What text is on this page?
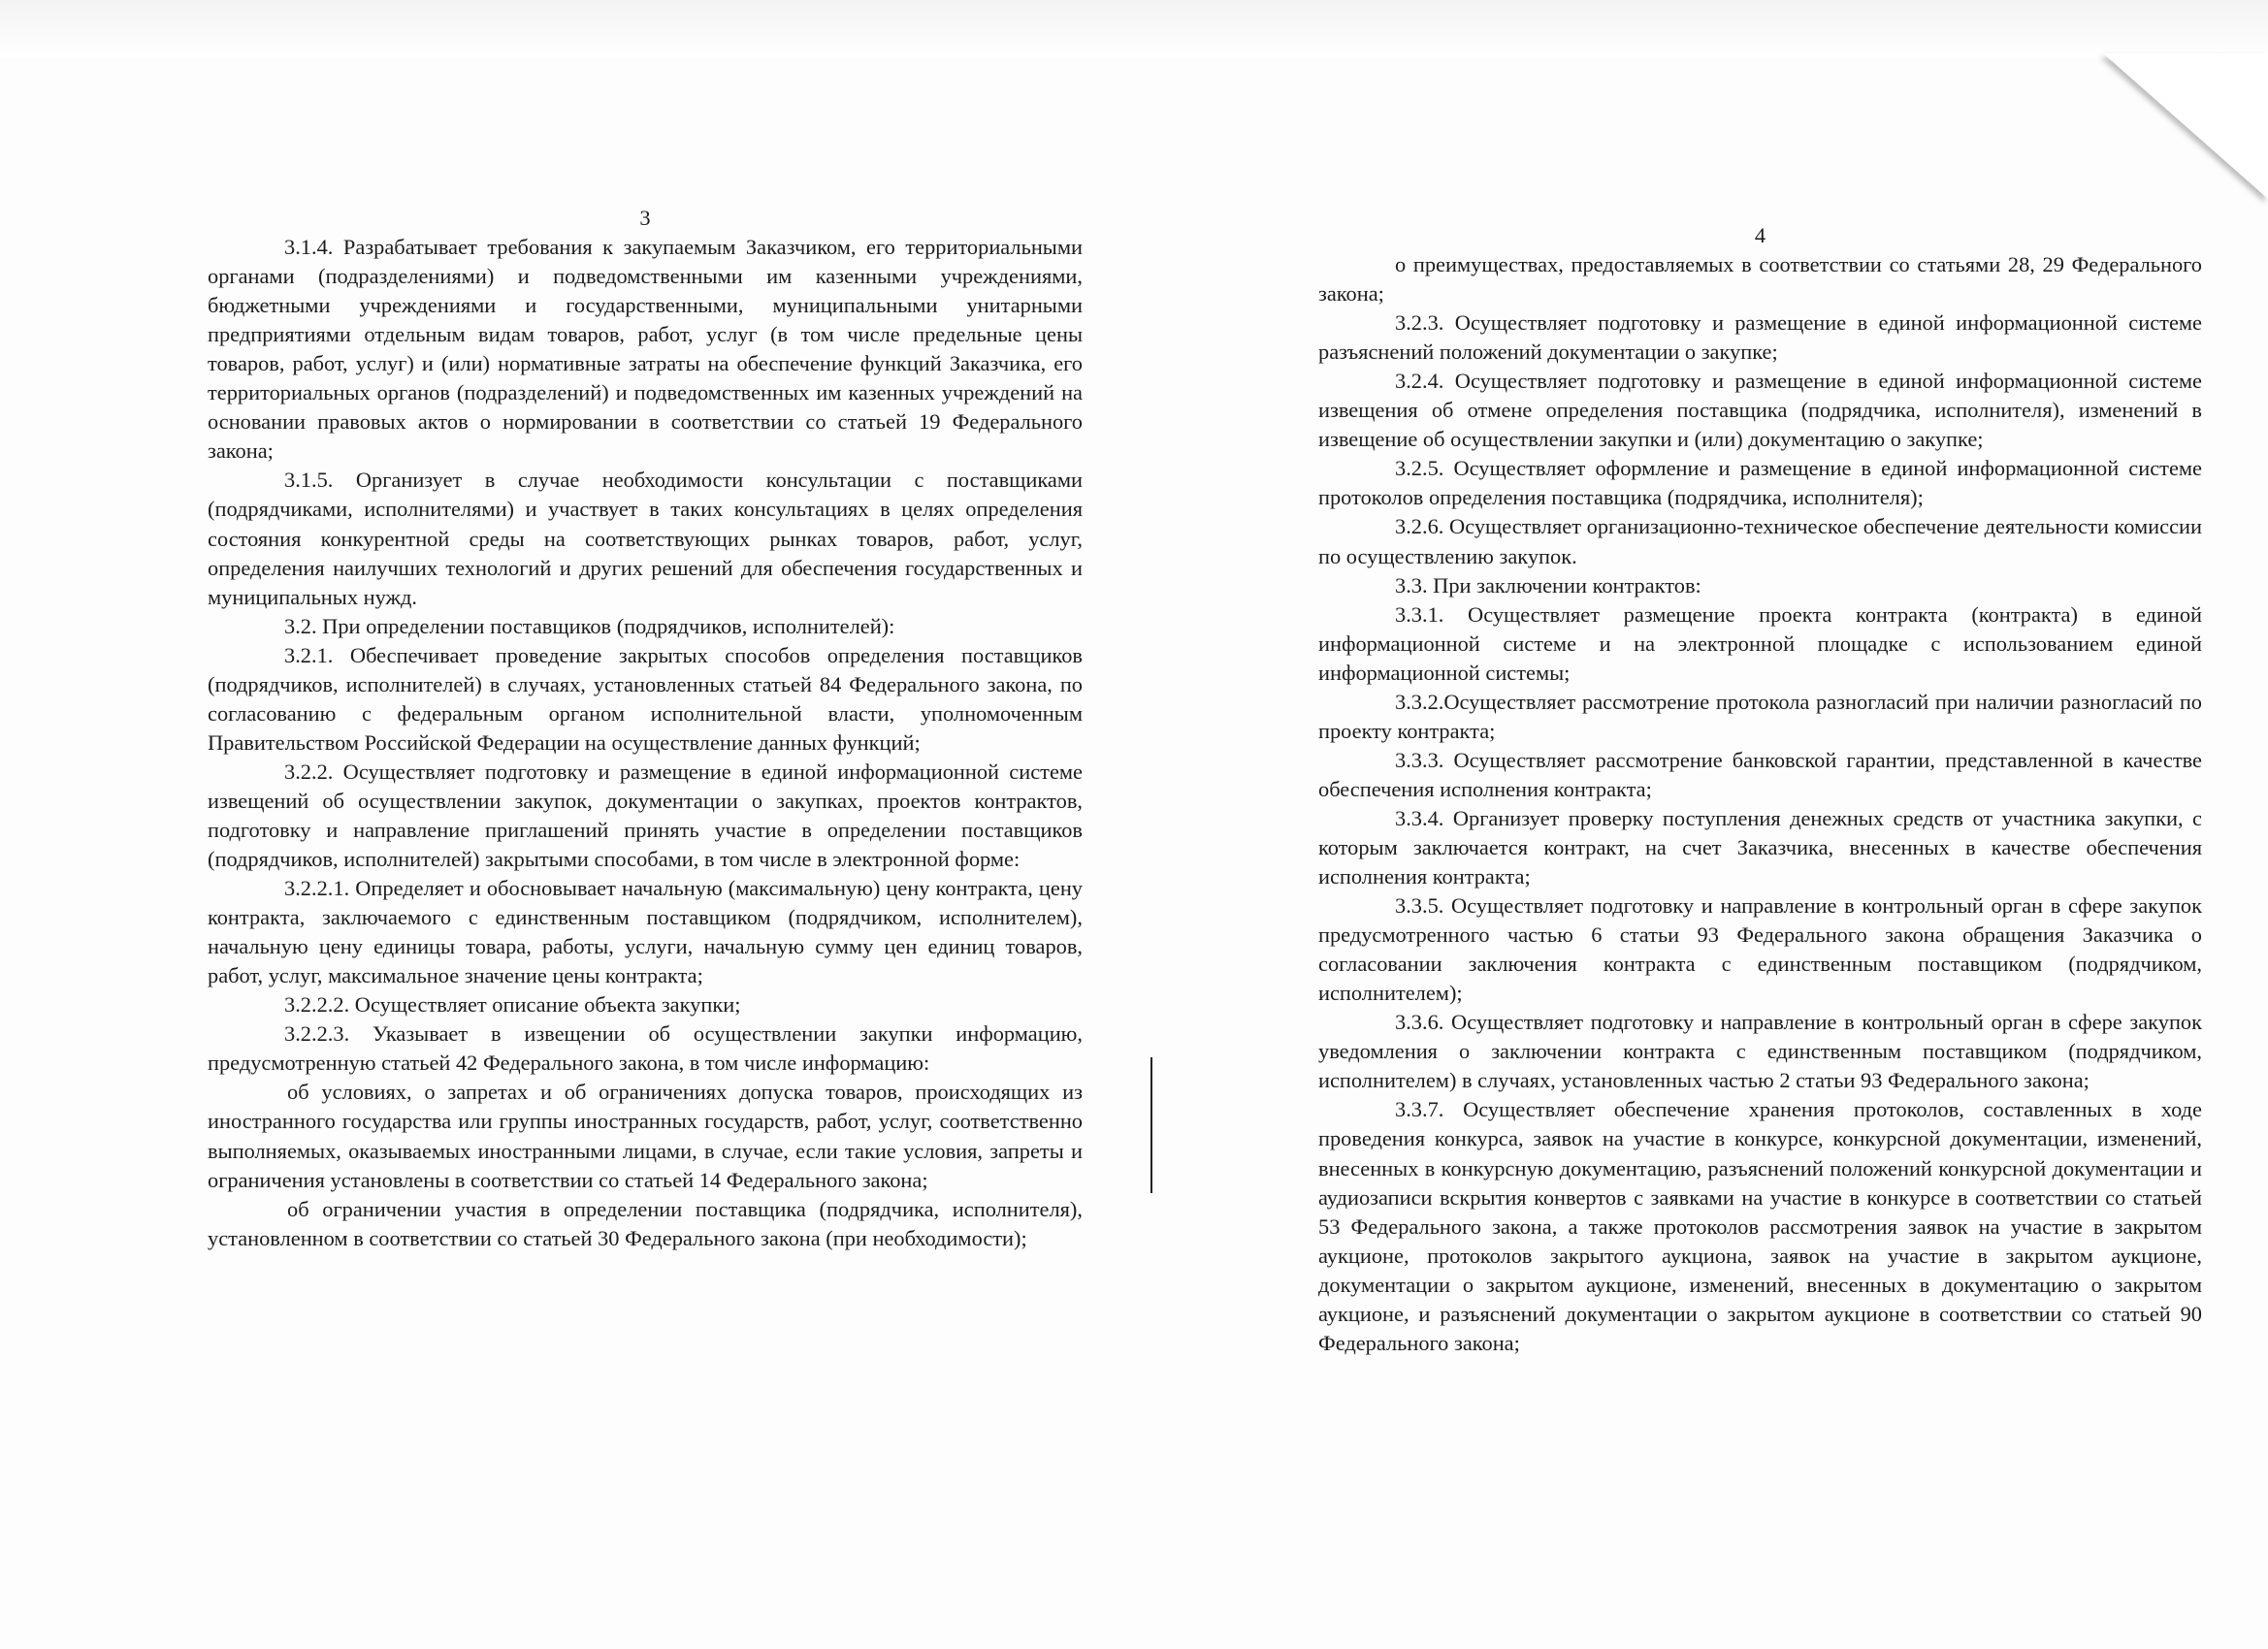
3

3.1.4. Разрабатывает требования к закупаемым Заказчиком, его территориальными органами (подразделениями) и подведомственными им казенными учреждениями, бюджетными учреждениями и государственными, муниципальными унитарными предприятиями отдельным видам товаров, работ, услуг (в том числе предельные цены товаров, работ, услуг) и (или) нормативные затраты на обеспечение функций Заказчика, его территориальных органов (подразделений) и подведомственных им казенных учреждений на основании правовых актов о нормировании в соответствии со статьей 19 Федерального закона;

3.1.5. Организует в случае необходимости консультации с поставщиками (подрядчиками, исполнителями) и участвует в таких консультациях в целях определения состояния конкурентной среды на соответствующих рынках товаров, работ, услуг, определения наилучших технологий и других решений для обеспечения государственных и муниципальных нужд.

3.2. При определении поставщиков (подрядчиков, исполнителей):

3.2.1. Обеспечивает проведение закрытых способов определения поставщиков (подрядчиков, исполнителей) в случаях, установленных статьей 84 Федерального закона, по согласованию с федеральным органом исполнительной власти, уполномоченным Правительством Российской Федерации на осуществление данных функций;

3.2.2. Осуществляет подготовку и размещение в единой информационной системе извещений об осуществлении закупок, документации о закупках, проектов контрактов, подготовку и направление приглашений принять участие в определении поставщиков (подрядчиков, исполнителей) закрытыми способами, в том числе в электронной форме:

3.2.2.1. Определяет и обосновывает начальную (максимальную) цену контракта, цену контракта, заключаемого с единственным поставщиком (подрядчиком, исполнителем), начальную цену единицы товара, работы, услуги, начальную сумму цен единиц товаров, работ, услуг, максимальное значение цены контракта;

3.2.2.2. Осуществляет описание объекта закупки;

3.2.2.3. Указывает в извещении об осуществлении закупки информацию, предусмотренную статьей 42 Федерального закона, в том числе информацию:

об условиях, о запретах и об ограничениях допуска товаров, происходящих из иностранного государства или группы иностранных государств, работ, услуг, соответственно выполняемых, оказываемых иностранными лицами, в случае, если такие условия, запреты и ограничения установлены в соответствии со статьей 14 Федерального закона;

об ограничении участия в определении поставщика (подрядчика, исполнителя), установленном в соответствии со статьей 30 Федерального закона (при необходимости);

4

о преимуществах, предоставляемых в соответствии со статьями 28, 29 Федерального закона;

3.2.3. Осуществляет подготовку и размещение в единой информационной системе разъяснений положений документации о закупке;

3.2.4. Осуществляет подготовку и размещение в единой информационной системе извещения об отмене определения поставщика (подрядчика, исполнителя), изменений в извещение об осуществлении закупки и (или) документацию о закупке;

3.2.5. Осуществляет оформление и размещение в единой информационной системе протоколов определения поставщика (подрядчика, исполнителя);

3.2.6. Осуществляет организационно-техническое обеспечение деятельности комиссии по осуществлению закупок.

3.3. При заключении контрактов:

3.3.1. Осуществляет размещение проекта контракта (контракта) в единой информационной системе и на электронной площадке с использованием единой информационной системы;

3.3.2.Осуществляет рассмотрение протокола разногласий при наличии разногласий по проекту контракта;

3.3.3. Осуществляет рассмотрение банковской гарантии, представленной в качестве обеспечения исполнения контракта;

3.3.4. Организует проверку поступления денежных средств от участника закупки, с которым заключается контракт, на счет Заказчика, внесенных в качестве обеспечения исполнения контракта;

3.3.5. Осуществляет подготовку и направление в контрольный орган в сфере закупок предусмотренного частью 6 статьи 93 Федерального закона обращения Заказчика о согласовании заключения контракта с единственным поставщиком (подрядчиком, исполнителем);

3.3.6. Осуществляет подготовку и направление в контрольный орган в сфере закупок уведомления о заключении контракта с единственным поставщиком (подрядчиком, исполнителем) в случаях, установленных частью 2 статьи 93 Федерального закона;

3.3.7. Осуществляет обеспечение хранения протоколов, составленных в ходе проведения конкурса, заявок на участие в конкурсе, конкурсной документации, изменений, внесенных в конкурсную документацию, разъяснений положений конкурсной документации и аудиозаписи вскрытия конвертов с заявками на участие в конкурсе в соответствии со статьей 53 Федерального закона, а также протоколов рассмотрения заявок на участие в закрытом аукционе, протоколов закрытого аукциона, заявок на участие в закрытом аукционе, документации о закрытом аукционе, изменений, внесенных в документацию о закрытом аукционе, и разъяснений документации о закрытом аукционе в соответствии со статьей 90 Федерального закона;
